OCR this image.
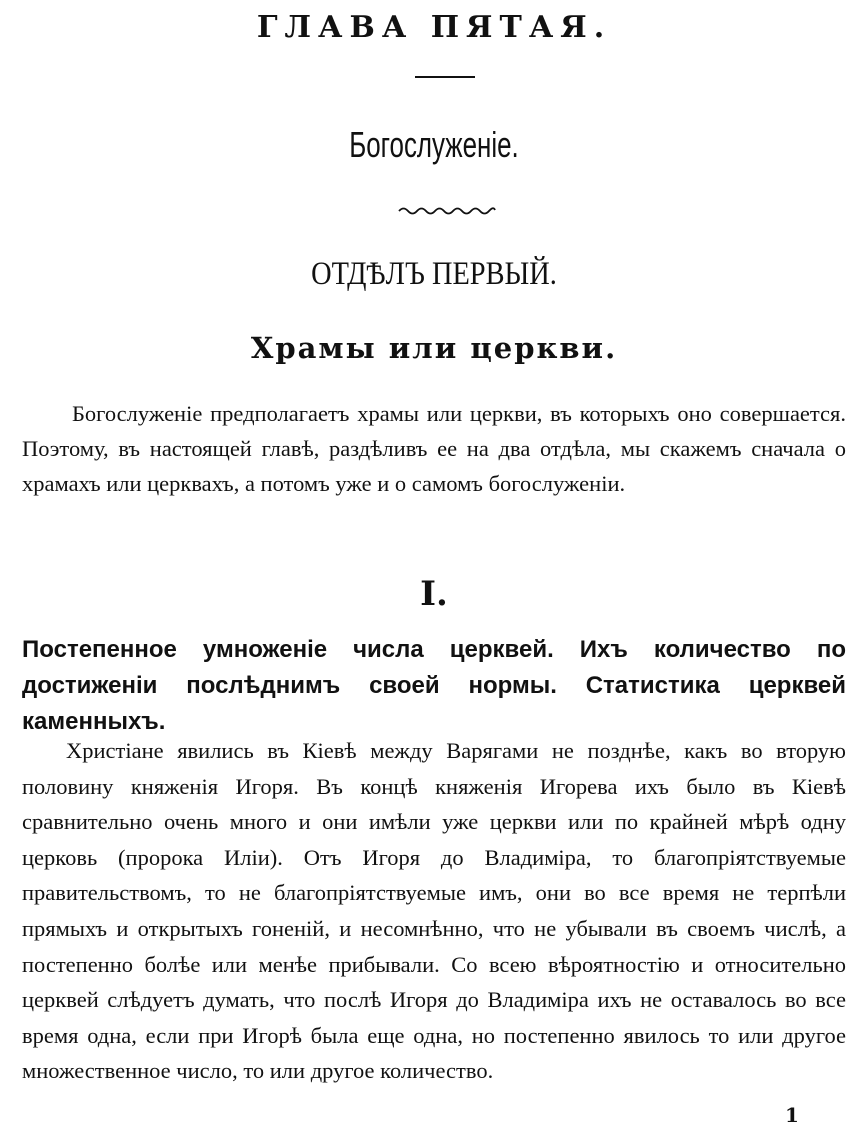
ГЛАВА ПЯТАЯ.
Богослуженіе.
ОТДѢЛЪ ПЕРВЫЙ.
Храмы или церкви.

Богослуженіе предполагаетъ храмы или церкви, въ которыхъ оно совершается. Поэтому, въ настоящей главѣ, раздѣливъ ее на два отдѣла, мы скажемъ сначала о храмахъ или церквахъ, а потомъ уже и о самомъ богослуженіи.

I.

Постепенное умноженіе числа церквей. Ихъ количество по достиженіи послѣднимъ своей нормы. Статистика церквей каменныхъ.

Христіане явились въ Кіевѣ между Варягами не позднѣе, какъ во вторую половину княженія Игоря. Въ концѣ княженія Игорева ихъ было въ Кіевѣ сравнительно очень много и они имѣли уже церкви или по крайней мѣрѣ одну церковь (пророка Иліи). Отъ Игоря до Владиміра, то благопріятствуемые правительствомъ, то не благопріятствуемые имъ, они во все время не терпѣли прямыхъ и открытыхъ гоненій, и несомнѣнно, что не убывали въ своемъ числѣ, а постепенно болѣе или менѣе прибывали. Со всею вѣроятностію и относительно церквей слѣдуетъ думать, что послѣ Игоря до Владиміра ихъ не оставалось во все время одна, если при Игорѣ была еще одна, но постепенно явилось то или другое множественное число, то или другое количество.

1
